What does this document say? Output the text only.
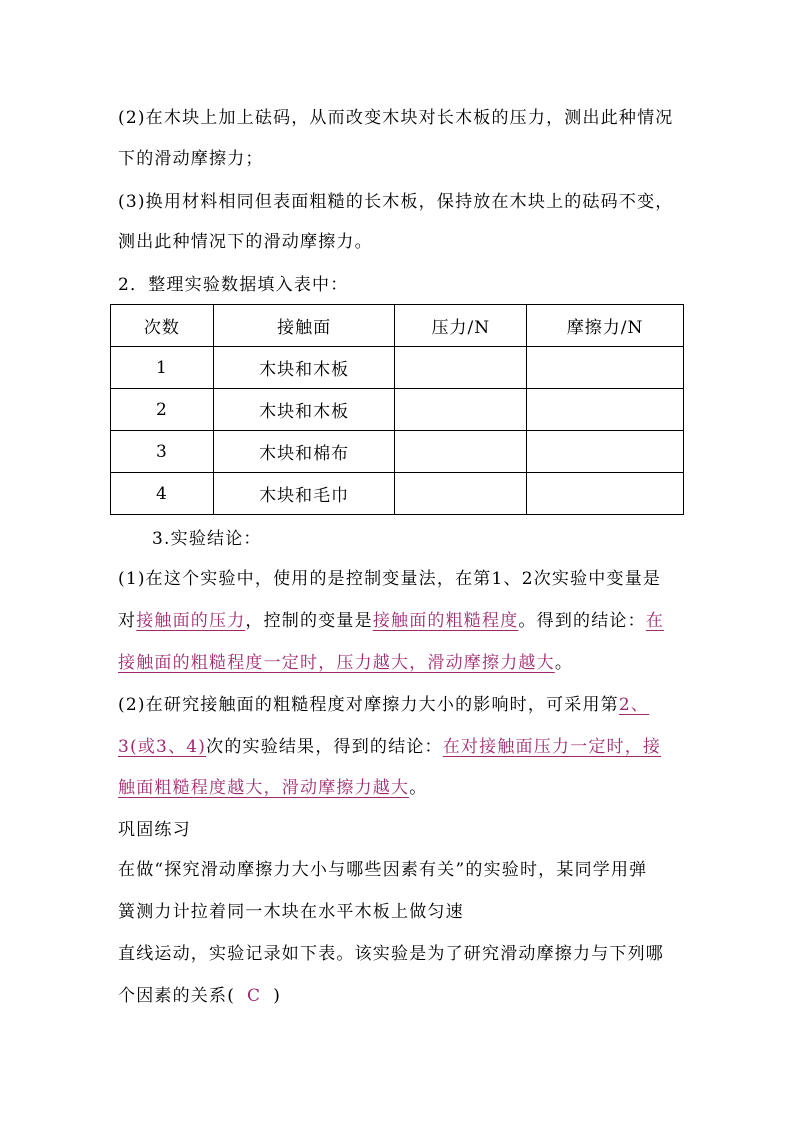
(2)在木块上加上砝码，从而改变木块对长木板的压力，测出此种情况
下的滑动摩擦力；
(3)换用材料相同但表面粗糙的长木板，保持放在木块上的砝码不变，
测出此种情况下的滑动摩擦力。
2．整理实验数据填入表中：
次数	接触面	压力/N	摩擦力/N
1	木块和木板		
2	木块和木板		
3	木块和棉布		
4	木块和毛巾		
3.实验结论：
(1)在这个实验中，使用的是控制变量法，在第1、2次实验中变量是
对接触面的压力，控制的变量是接触面的粗糙程度。得到的结论：在
接触面的粗糙程度一定时，压力越大，滑动摩擦力越大。
(2)在研究接触面的粗糙程度对摩擦力大小的影响时，可采用第2、
3(或3、4)次的实验结果，得到的结论：在对接触面压力一定时，接
触面粗糙程度越大，滑动摩擦力越大。
巩固练习
在做“探究滑动摩擦力大小与哪些因素有关”的实验时，某同学用弹
簧测力计拉着同一木块在水平木板上做匀速
直线运动，实验记录如下表。该实验是为了研究滑动摩擦力与下列哪
个因素的关系( C )
